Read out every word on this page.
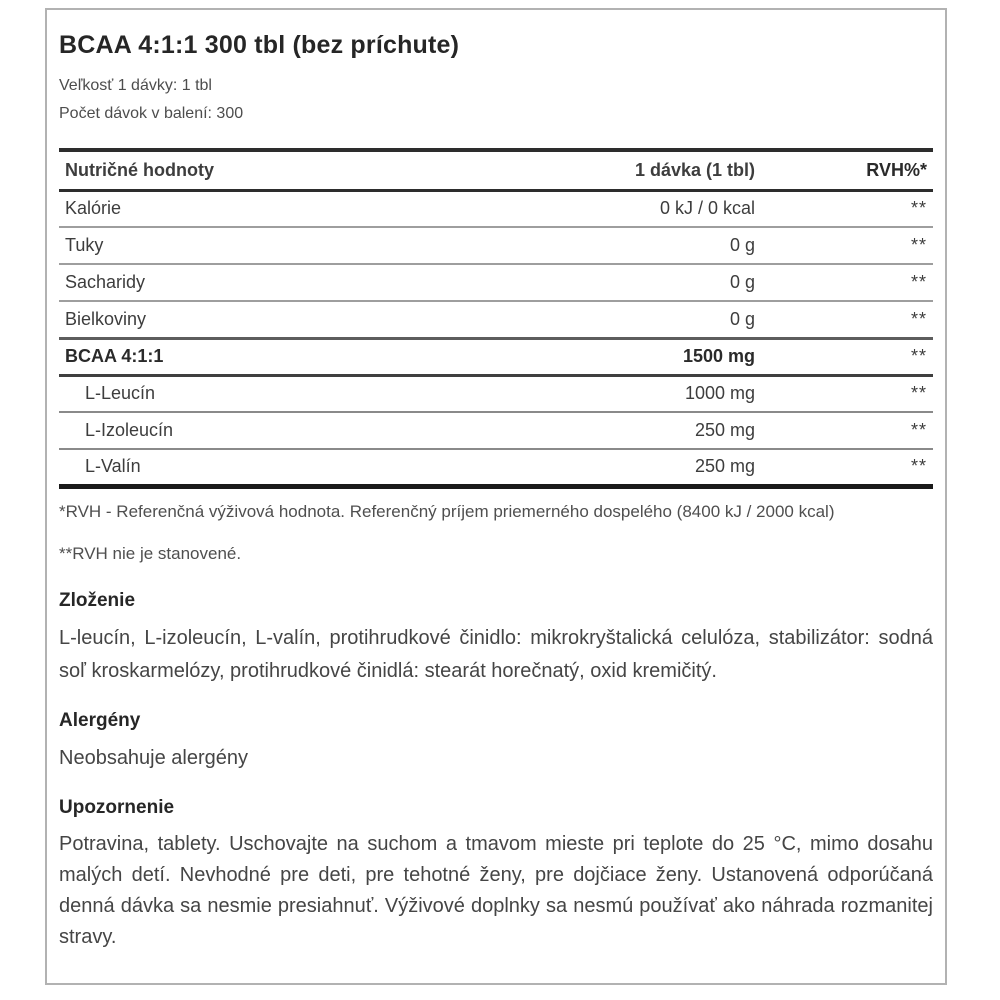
BCAA 4:1:1 300 tbl (bez príchute)
Veľkosť 1 dávky: 1 tbl
Počet dávok v balení: 300
Nutričné hodnoty	1 dávka (1 tbl)	RVH%*
Kalórie	0 kJ / 0 kcal	**
Tuky	0 g	**
Sacharidy	0 g	**
Bielkoviny	0 g	**
BCAA 4:1:1	1500 mg	**
L-Leucín	1000 mg	**
L-Izoleucín	250 mg	**
L-Valín	250 mg	**
*RVH - Referenčná výživová hodnota. Referenčný príjem priemerného dospelého (8400 kJ / 2000 kcal)
**RVH nie je stanovené.
Zloženie
L-leucín, L-izoleucín, L-valín, protihrudkové činidlo: mikrokryštalická celulóza, stabilizátor: sodná soľ kroskarmelózy, protihrudkové činidlá: stearát horečnatý, oxid kremičitý.
Alergény
Neobsahuje alergény
Upozornenie
Potravina, tablety. Uschovajte na suchom a tmavom mieste pri teplote do 25 °C, mimo dosahu malých detí. Nevhodné pre deti, pre tehotné ženy, pre dojčiace ženy. Ustanovená odporúčaná denná dávka sa nesmie presiahnuť. Výživové doplnky sa nesmú používať ako náhrada rozmanitej stravy.
